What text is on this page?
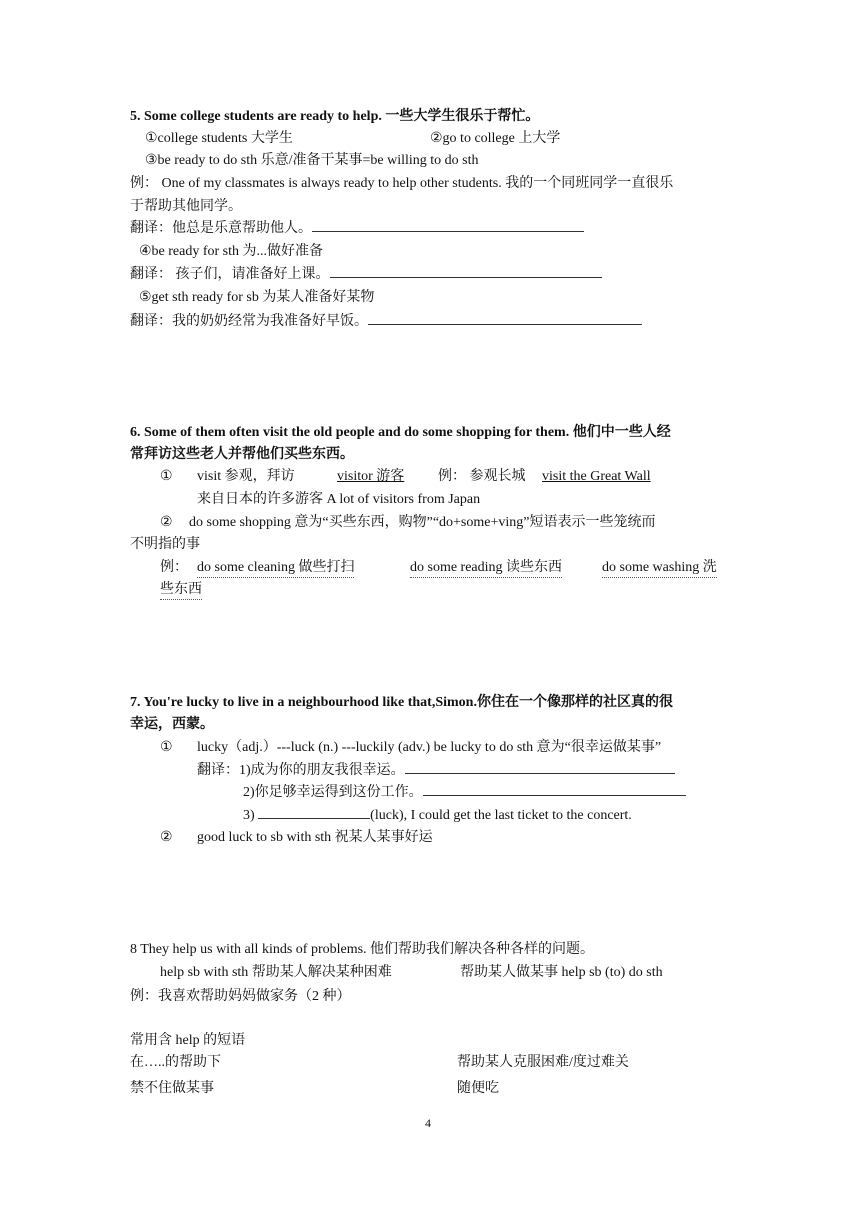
5. Some college students are ready to help. 一些大学生很乐于帮忙。
①college students 大学生	②go to college 上大学
③be ready to do sth 乐意/准备干某事=be willing to do sth
例： One of my classmates is always ready to help other students. 我的一个同班同学一直很乐
于帮助其他同学。
翻译：他总是乐意帮助他人。
④be ready for sth 为...做好准备
翻译： 孩子们，请准备好上课。
⑤get sth ready for sb 为某人准备好某物
翻译：我的奶奶经常为我准备好早饭。
6. Some of them often visit the old people and do some shopping for them. 他们中一些人经
常拜访这些老人并帮他们买些东西。
① visit 参观，拜访	visitor 游客 例： 参观长城 visit the Great Wall
来自日本的许多游客 A lot of visitors from Japan
② do some shopping 意为“买些东西，购物”“do+some+ving”短语表示一些笼统而
不明指的事
例： do some cleaning 做些打扫	do some reading 读些东西	do some washing 洗
些东西
7. You're lucky to live in a neighbourhood like that,Simon.你住在一个像那样的社区真的很
幸运，西蒙。
① lucky（adj.）---luck (n.) ---luckily (adv.) be lucky to do sth 意为“很幸运做某事”
翻译：1)成为你的朋友我很幸运。
2)你足够幸运得到这份工作。
3)	(luck), I could get the last ticket to the concert.
② good luck to sb with sth 祝某人某事好运
8 They help us with all kinds of problems. 他们帮助我们解决各种各样的问题。
help sb with sth 帮助某人解决某种困难	帮助某人做某事 help sb (to) do sth
例：我喜欢帮助妈妈做家务（2 种）
常用含 help 的短语
在…..的帮助下	帮助某人克服困难/度过难关
禁不住做某事	随便吃
4
